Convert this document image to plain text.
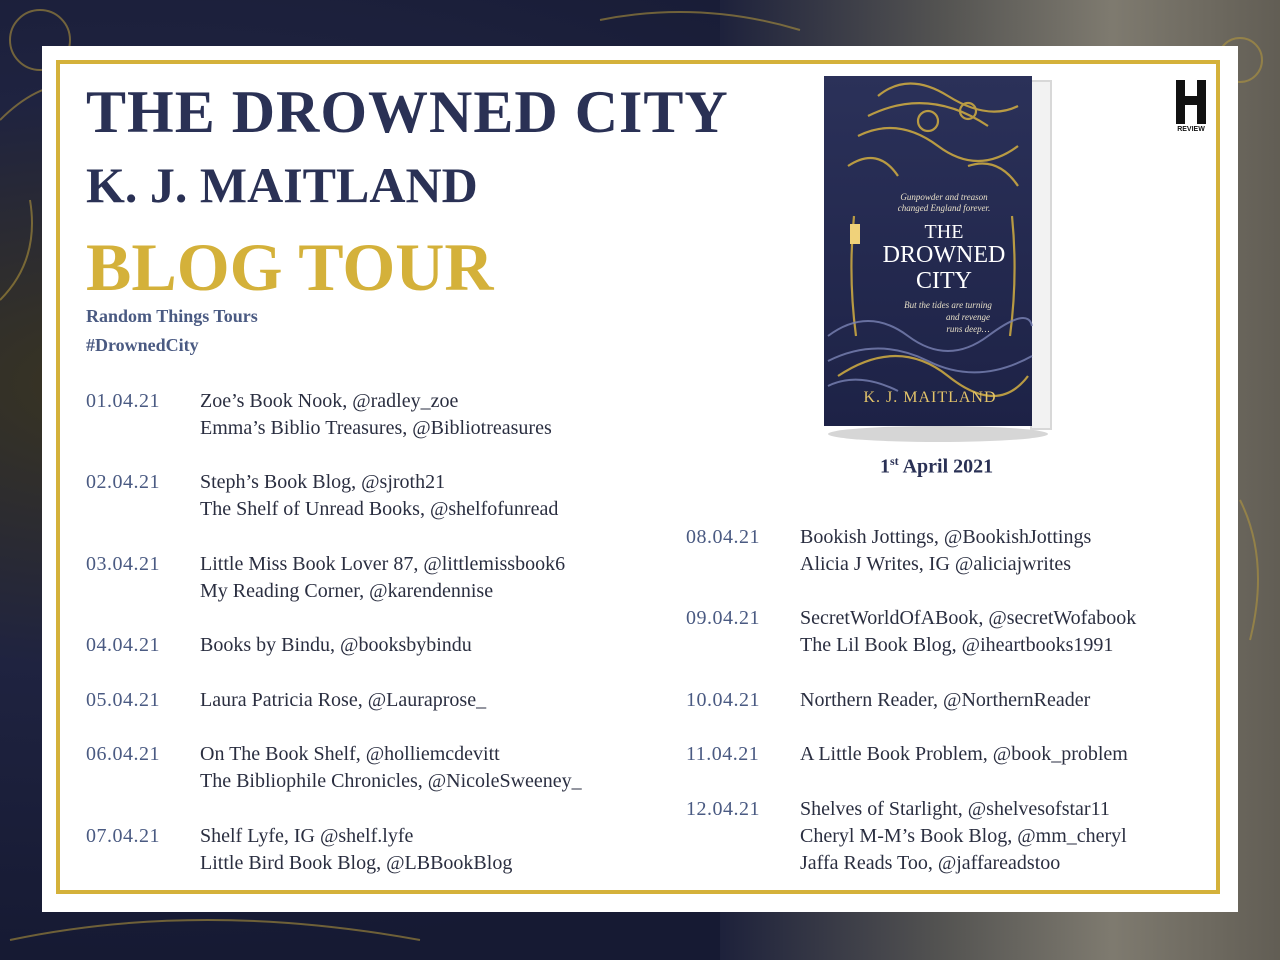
THE DROWNED CITY
K. J. MAITLAND
BLOG TOUR
Random Things Tours
#DrownedCity
01.04.21 Zoe’s Book Nook, @radley_zoe
Emma’s Biblio Treasures, @Bibliotreasures
02.04.21 Steph’s Book Blog, @sjroth21
The Shelf of Unread Books, @shelfofunread
03.04.21 Little Miss Book Lover 87, @littlemissbook6
My Reading Corner, @karendennise
04.04.21 Books by Bindu, @booksbybindu
05.04.21 Laura Patricia Rose, @Lauraprose_
06.04.21 On The Book Shelf, @holliemcdevitt
The Bibliophile Chronicles, @NicoleSweeney_
07.04.21 Shelf Lyfe, IG @shelf.lyfe
Little Bird Book Blog, @LBBookBlog
08.04.21 Bookish Jottings, @BookishJottings
Alicia J Writes, IG @aliciajwrites
09.04.21 SecretWorldOfABook, @secretWofabook
The Lil Book Blog, @iheartbooks1991
10.04.21 Northern Reader, @NorthernReader
11.04.21 A Little Book Problem, @book_problem
12.04.21 Shelves of Starlight, @shelvesofstar11
Cheryl M-M’s Book Blog, @mm_cheryl
Jaffa Reads Too, @jaffareadstoo
REVIEW
Gunpowder and treason
changed England forever.
THE
DROWNED
CITY
But the tides are turning
and revenge
runs deep…
K. J. MAITLAND
1st April 2021
